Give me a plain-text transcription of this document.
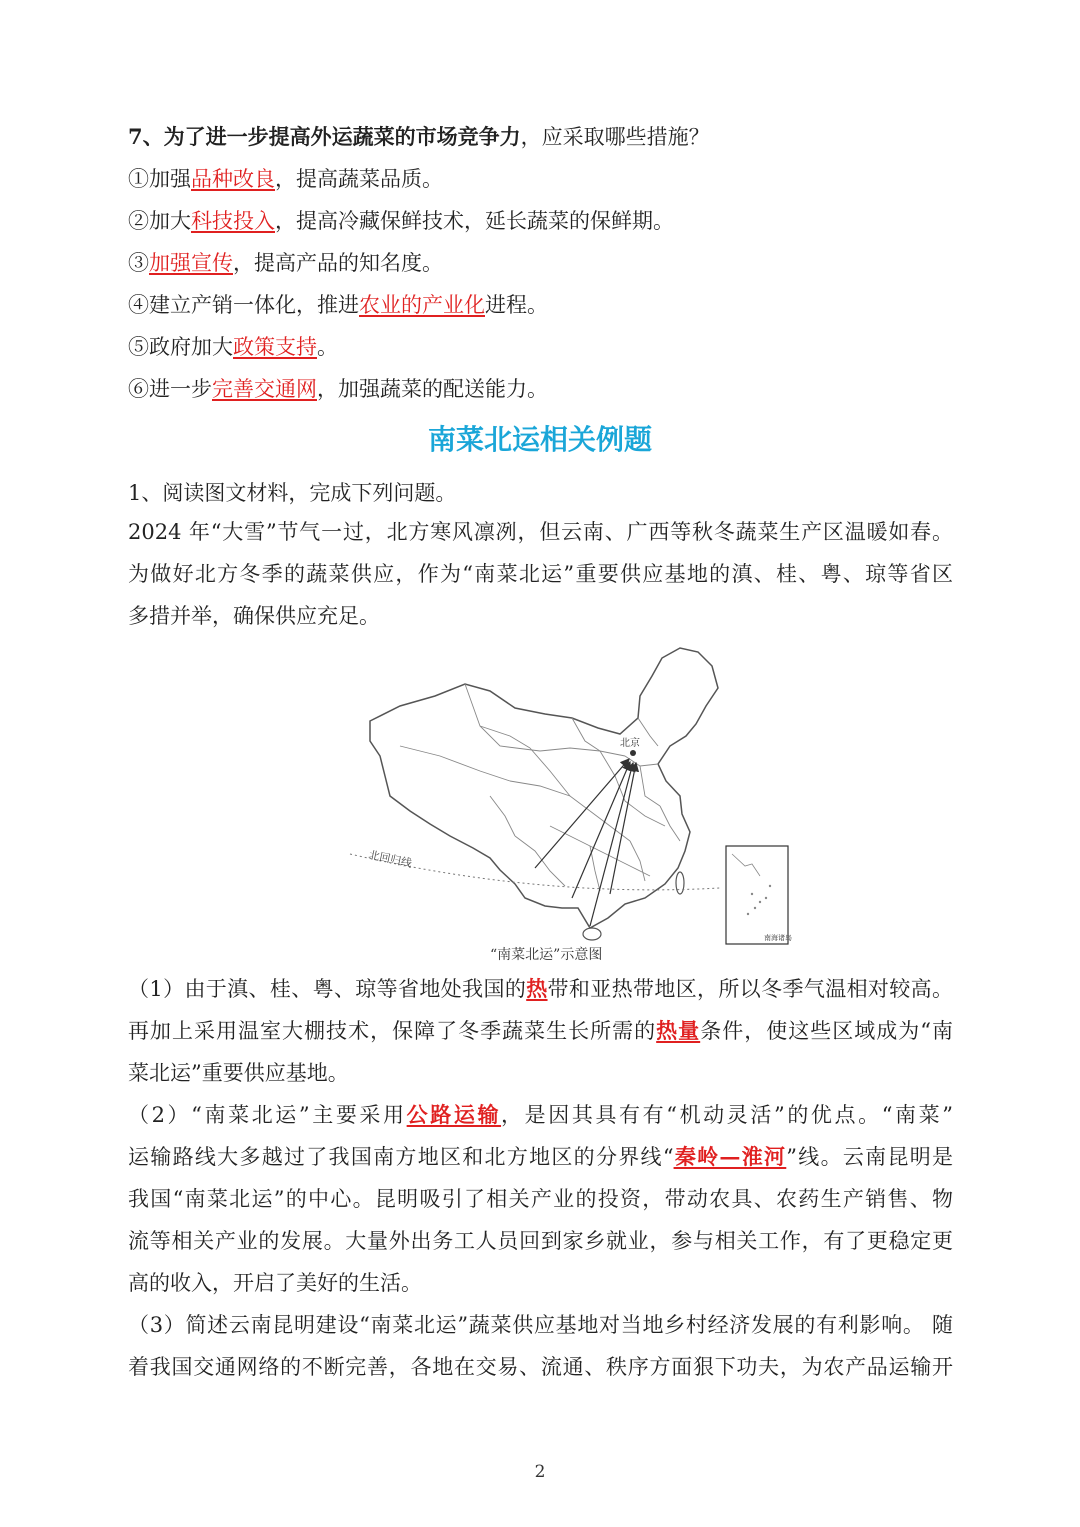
7、为了进一步提高外运蔬菜的市场竞争力，应采取哪些措施？
①加强品种改良，提高蔬菜品质。
②加大科技投入，提高冷藏保鲜技术，延长蔬菜的保鲜期。
③加强宣传，提高产品的知名度。
④建立产销一体化，推进农业的产业化进程。
⑤政府加大政策支持。
⑥进一步完善交通网，加强蔬菜的配送能力。
南菜北运相关例题
1、阅读图文材料，完成下列问题。
2024 年“大雪”节气一过，北方寒风凛冽，但云南、广西等秋冬蔬菜生产区温暖如春。
为做好北方冬季的蔬菜供应，作为“南菜北运”重要供应基地的滇、桂、粤、琼等省区
多措并举，确保供应充足。
北回归线
北京
南海诸岛
“南菜北运”示意图
（1）由于滇、桂、粤、琼等省地处我国的热带和亚热带地区，所以冬季气温相对较高。
再加上采用温室大棚技术，保障了冬季蔬菜生长所需的热量条件，使这些区域成为“南
菜北运”重要供应基地。
（2）“南菜北运”主要采用公路运输，是因其具有有“机动灵活”的优点。“南菜”
运输路线大多越过了我国南方地区和北方地区的分界线“秦岭—淮河”线。云南昆明是
我国“南菜北运”的中心。昆明吸引了相关产业的投资，带动农具、农药生产销售、物
流等相关产业的发展。大量外出务工人员回到家乡就业，参与相关工作，有了更稳定更
高的收入，开启了美好的生活。
（3）简述云南昆明建设“南菜北运”蔬菜供应基地对当地乡村经济发展的有利影响。 随
着我国交通网络的不断完善，各地在交易、流通、秩序方面狠下功夫，为农产品运输开
2
